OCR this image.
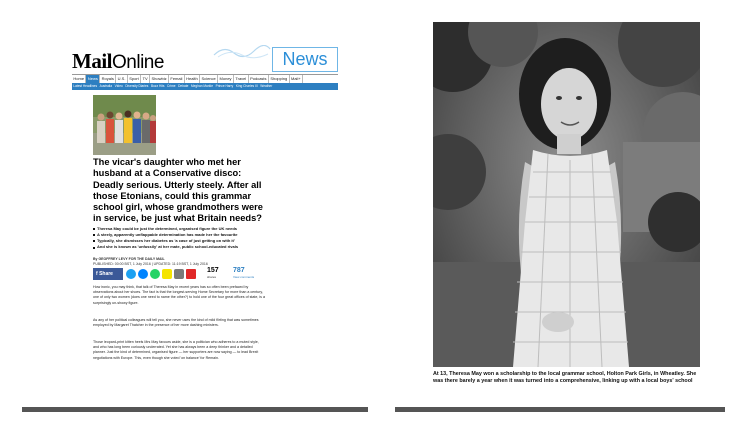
MailOnline	News
Home News Royals U.S. Sport TV Showbiz Femail Health Science Money Travel Podcasts Shopping Mail+
Latest Headlines Australia Video Diversity Diaries Buzz Hits Crime Debate Meghan Markle Prince Harry King Charles III Weather
The vicar's daughter who met her husband at a Conservative disco: Deadly serious. Utterly steely. After all those Etonians, could this grammar school girl, whose grandmothers were in service, be just what Britain needs?
Theresa May could be just the determined, organised figure the UK needs
A steely, apparently unflappable determination has made her the favourite
Typically, she dismisses her diabetes as 'a case of just getting on with it'
And she is known as 'unfussily' at her mate, public school-educated rivals
By GEOFFREY LEVY FOR THE DAILY MAIL
PUBLISHED: 00:00 BST, 1 July 2016 | UPDATED: 11:19 BST, 1 July 2016
f Share	157
shares
787
View comments
How ironic, you may think, that talk of Theresa May in recent years has so often been prefaced by observations about her shoes. The fact is that the longest-serving Home Secretary for more than a century, one of only two women (does one need to name the other?) to hold one of the four great offices of state, is a surprisingly un-showy figure.
As any of her political colleagues will tell you, she never uses the kind of mild flirting that was sometimes employed by Margaret Thatcher in the presence of her more dashing ministers.
Those leopard-print kitten heels Mrs May favours aside, she is a politician who adheres to a muted style, and who has long been curiously underrated. Yet she has always been a deep thinker and a detailed planner. Just the kind of determined, organised figure — her supporters are now saying — to lead Brexit negotiations with Europe. This, even though she voted 'on balance' for Remain.
At 13, Theresa May won a scholarship to the local grammar school, Holton Park Girls, in Wheatley. She was there barely a year when it was turned into a comprehensive, linking up with a local boys' school
